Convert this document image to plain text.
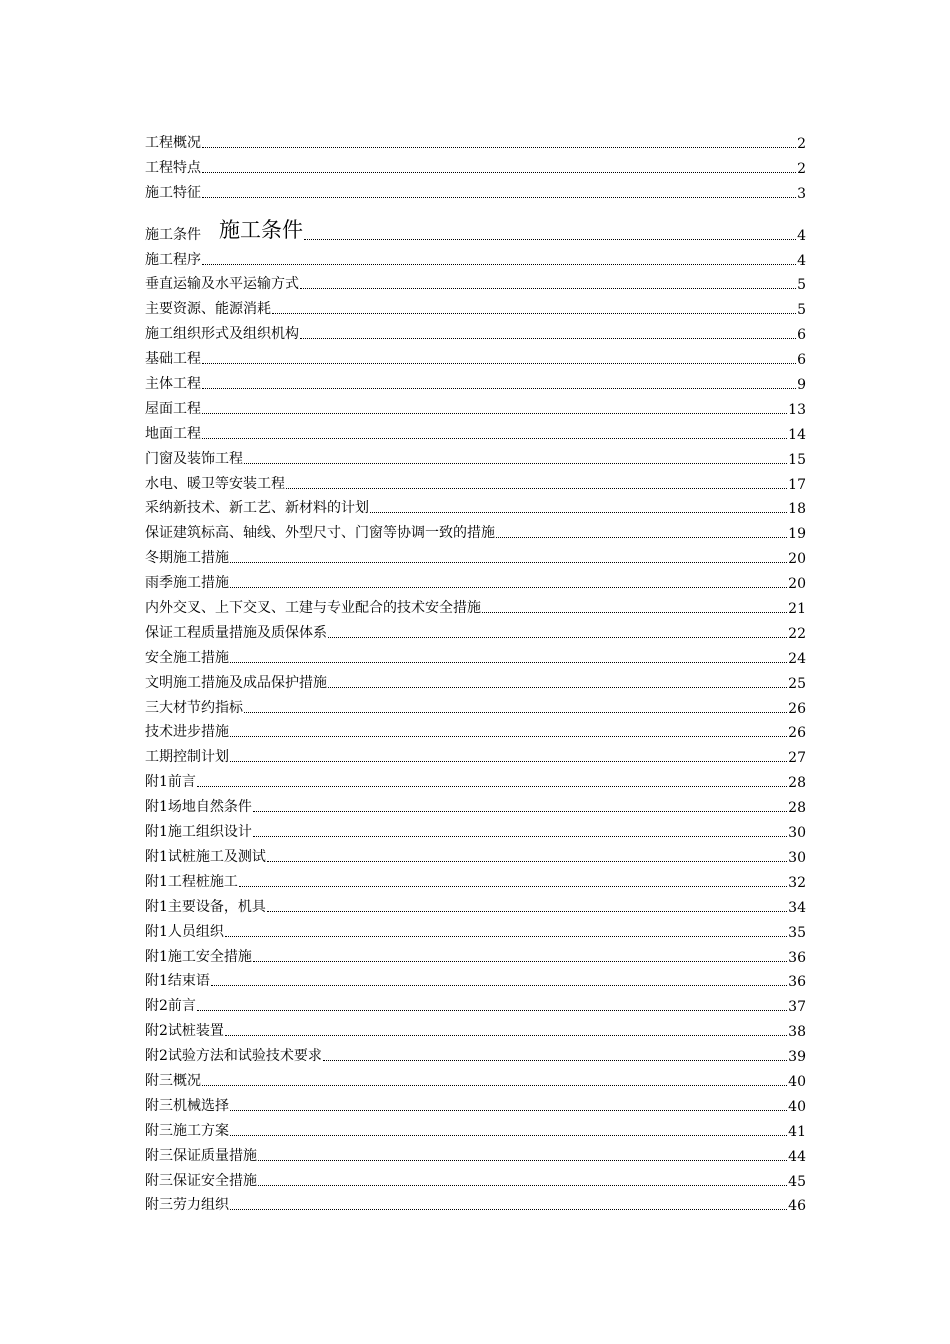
工程概况	2
工程特点	2
施工特征	3
施工条件 施工条件	4
施工程序	4
垂直运输及水平运输方式	5
主要资源、能源消耗	5
施工组织形式及组织机构	6
基础工程	6
主体工程	9
屋面工程	13
地面工程	14
门窗及装饰工程	15
水电、暖卫等安装工程	17
采纳新技术、新工艺、新材料的计划	18
保证建筑标高、轴线、外型尺寸、门窗等协调一致的措施	19
冬期施工措施	20
雨季施工措施	20
内外交叉、上下交叉、工建与专业配合的技术安全措施	21
保证工程质量措施及质保体系	22
安全施工措施	24
文明施工措施及成品保护措施	25
三大材节约指标	26
技术进步措施	26
工期控制计划	27
附1前言	28
附1场地自然条件	28
附1施工组织设计	30
附1试桩施工及测试	30
附1工程桩施工	32
附1主要设备，机具	34
附1人员组织	35
附1施工安全措施	36
附1结束语	36
附2前言	37
附2试桩装置	38
附2试验方法和试验技术要求	39
附三概况	40
附三机械选择	40
附三施工方案	41
附三保证质量措施	44
附三保证安全措施	45
附三劳力组织	46
